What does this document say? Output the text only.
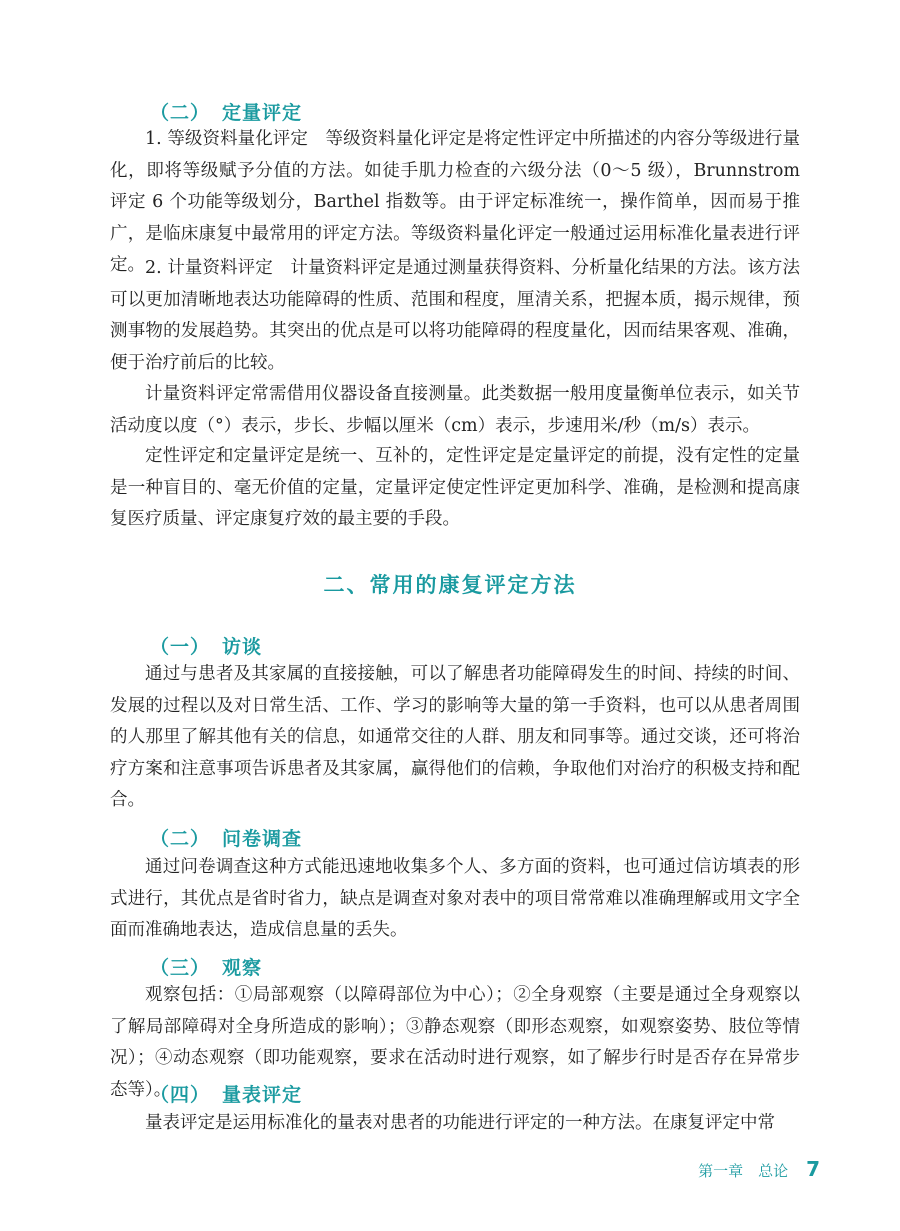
（二） 定量评定

1. 等级资料量化评定　等级资料量化评定是将定性评定中所描述的内容分等级进行量化，即将等级赋予分值的方法。如徒手肌力检查的六级分法（0～5 级），Brunnstrom 评定 6 个功能等级划分，Barthel 指数等。由于评定标准统一，操作简单，因而易于推广，是临床康复中最常用的评定方法。等级资料量化评定一般通过运用标准化量表进行评定。 2. 计量资料评定　计量资料评定是通过测量获得资料、分析量化结果的方法。该方法可以更加清晰地表达功能障碍的性质、范围和程度，厘清关系，把握本质，揭示规律，预测事物的发展趋势。其突出的优点是可以将功能障碍的程度量化，因而结果客观、准确，便于治疗前后的比较。

计量资料评定常需借用仪器设备直接测量。此类数据一般用度量衡单位表示，如关节活动度以度（°）表示，步长、步幅以厘米（cm）表示，步速用米/秒（m/s）表示。

定性评定和定量评定是统一、互补的，定性评定是定量评定的前提，没有定性的定量是一种盲目的、毫无价值的定量，定量评定使定性评定更加科学、准确，是检测和提高康复医疗质量、评定康复疗效的最主要的手段。

二、常用的康复评定方法
（一） 访谈

通过与患者及其家属的直接接触，可以了解患者功能障碍发生的时间、持续的时间、发展的过程以及对日常生活、工作、学习的影响等大量的第一手资料，也可以从患者周围的人那里了解其他有关的信息，如通常交往的人群、朋友和同事等。通过交谈，还可将治疗方案和注意事项告诉患者及其家属，赢得他们的信赖，争取他们对治疗的积极支持和配合。

（二） 问卷调查

通过问卷调查这种方式能迅速地收集多个人、多方面的资料，也可通过信访填表的形式进行，其优点是省时省力，缺点是调查对象对表中的项目常常难以准确理解或用文字全面而准确地表达，造成信息量的丢失。

（三） 观察

观察包括：①局部观察（以障碍部位为中心）；②全身观察（主要是通过全身观察以了解局部障碍对全身所造成的影响）；③静态观察（即形态观察，如观察姿势、肢位等情况）；④动态观察（即功能观察，要求在活动时进行观察，如了解步行时是否存在异常步态等）。

（四） 量表评定

量表评定是运用标准化的量表对患者的功能进行评定的一种方法。在康复评定中常

第一章　总论 7
